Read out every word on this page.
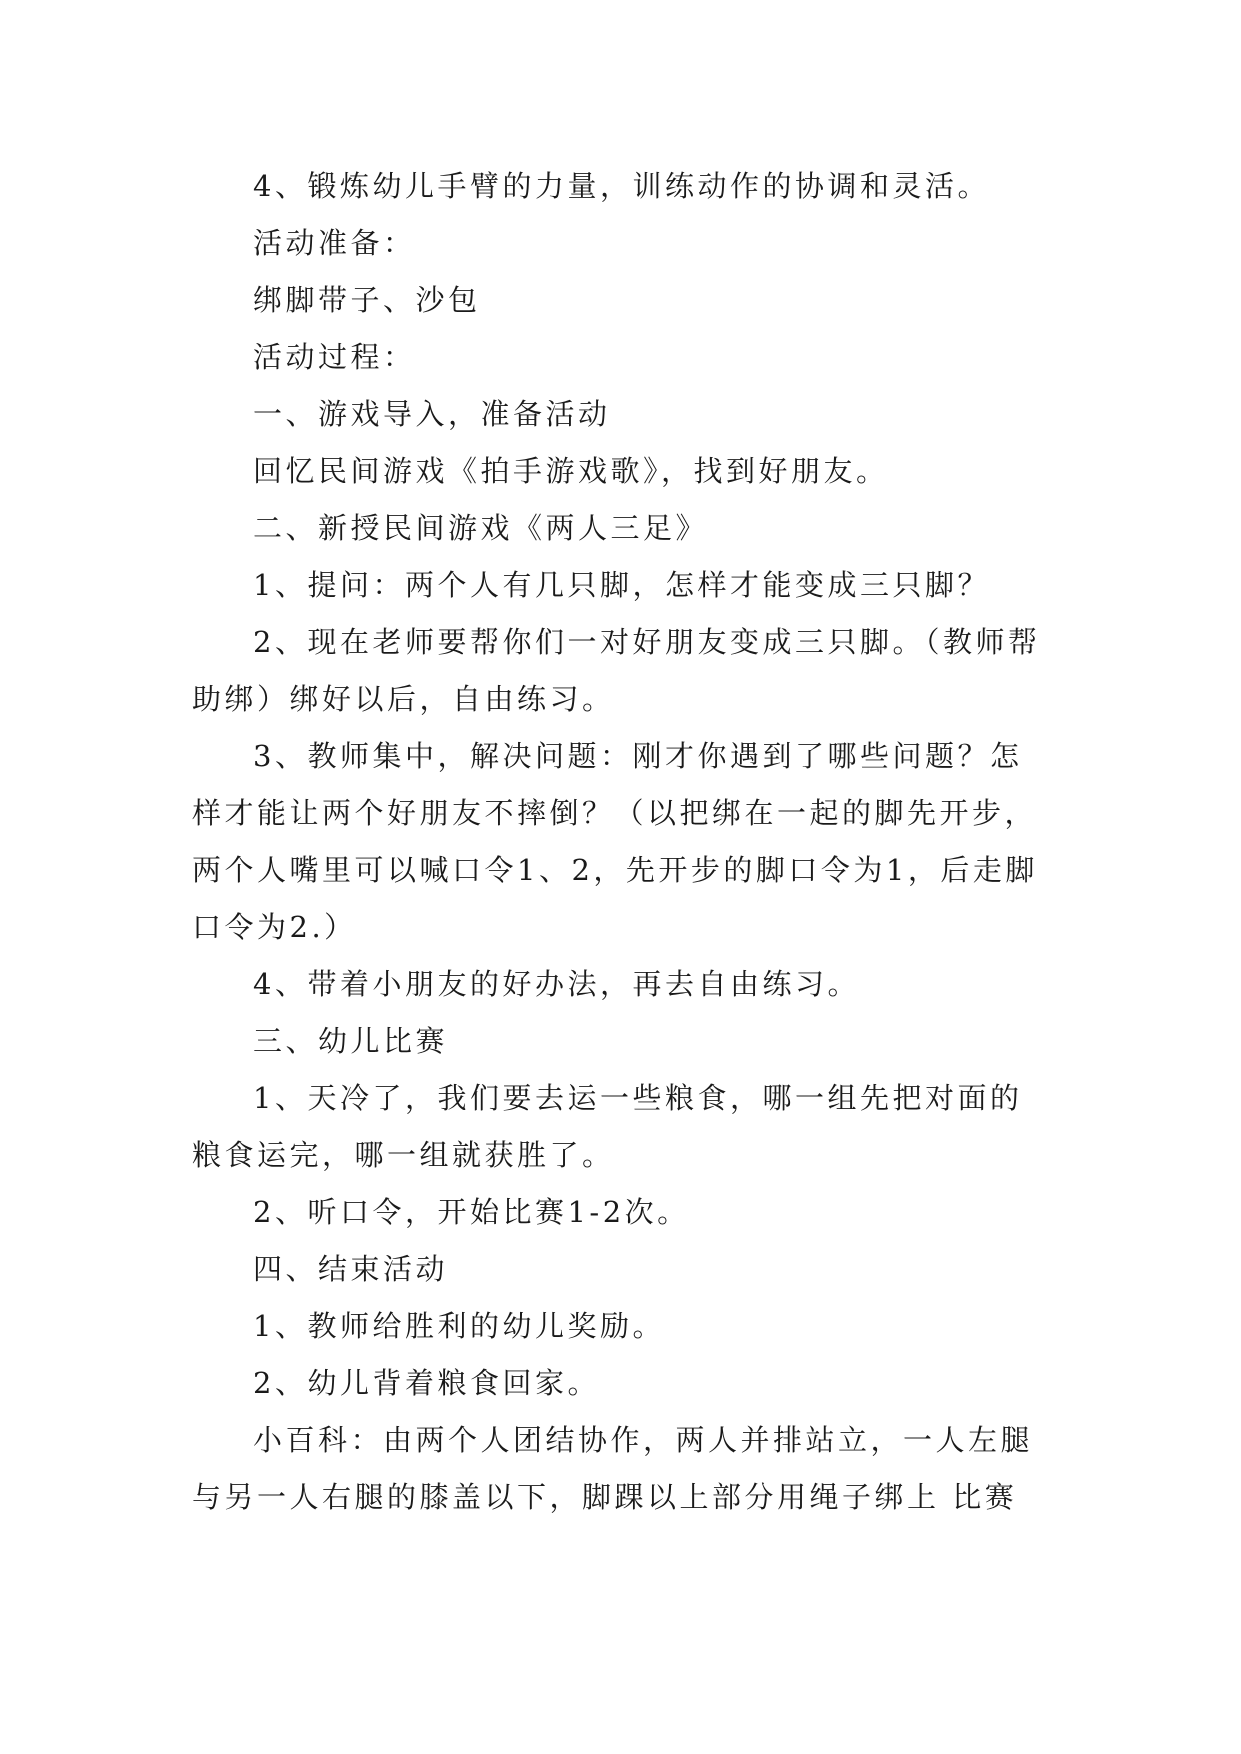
4、锻炼幼儿手臂的力量，训练动作的协调和灵活。
活动准备：
绑脚带子、沙包
活动过程：
一、游戏导入，准备活动
回忆民间游戏《拍手游戏歌》，找到好朋友。
二、新授民间游戏《两人三足》
1、提问：两个人有几只脚，怎样才能变成三只脚？
2、现在老师要帮你们一对好朋友变成三只脚。（教师帮
助绑）绑好以后，自由练习。
3、教师集中，解决问题：刚才你遇到了哪些问题？怎
样才能让两个好朋友不摔倒？（以把绑在一起的脚先开步，
两个人嘴里可以喊口令1、2，先开步的脚口令为1，后走脚
口令为2.）
4、带着小朋友的好办法，再去自由练习。
三、幼儿比赛
1、天冷了，我们要去运一些粮食，哪一组先把对面的
粮食运完，哪一组就获胜了。
2、听口令，开始比赛1-2次。
四、结束活动
1、教师给胜利的幼儿奖励。
2、幼儿背着粮食回家。
小百科：由两个人团结协作，两人并排站立，一人左腿
与另一人右腿的膝盖以下，脚踝以上部分用绳子绑上 比赛
